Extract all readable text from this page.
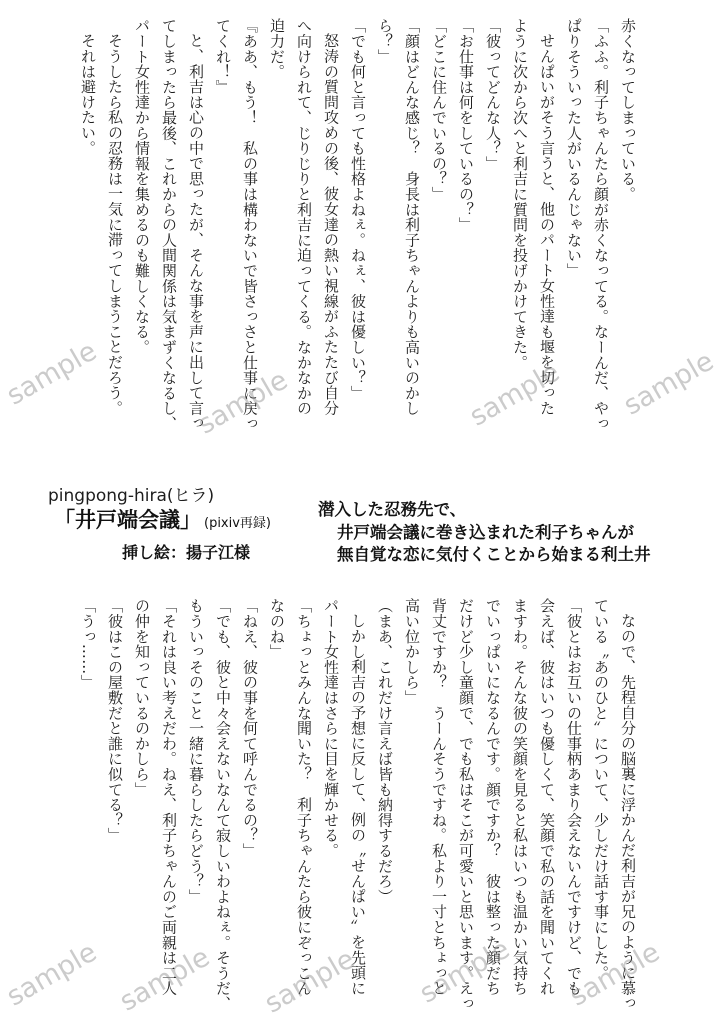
赤くなってしまっている。
「ふふ。利子ちゃんたら顔が赤くなってる。なーんだ、やっ
ぱりそういった人がいるんじゃない」
せんぱいがそう言うと、他のパート女性達も堰を切った
ように次から次へと利吉に質問を投げかけてきた。
「彼ってどんな人？」
「お仕事は何をしているの？」
「どこに住んでいるの？」
「顔はどんな感じ？　身長は利子ちゃんよりも高いのかし
ら？」
「でも何と言っても性格よねぇ。ねぇ、彼は優しい？」
怒涛の質問攻めの後、彼女達の熱い視線がふたたび自分
へ向けられて、じりじりと利吉に迫ってくる。なかなかの
迫力だ。
『ああ、もう！　私の事は構わないで皆さっさと仕事に戻っ
てくれ！』
と、利吉は心の中で思ったが、そんな事を声に出して言っ
てしまったら最後、これからの人間関係は気まずくなるし、
パート女性達から情報を集めるのも難しくなる。
そうしたら私の忍務は一気に滞ってしまうことだろう。
それは避けたい。
pingpong-hira(ヒラ)
「井戸端会議」 (pixiv再録)
挿し絵：揚子江様
潜入した忍務先で、
井戸端会議に巻き込まれた利子ちゃんが
無自覚な恋に気付くことから始まる利土井
なので、先程自分の脳裏に浮かんだ利吉が兄のように慕っ
ている〝あのひと〟について、少しだけ話す事にした。
「彼とはお互いの仕事柄あまり会えないんですけど、でも
会えば、彼はいつも優しくて、笑顔で私の話を聞いてくれ
ますわ。そんな彼の笑顔を見ると私はいつも温かい気持ち
でいっぱいになるんです。顔ですか？　彼は整った顔だち
だけど少し童顔で、でも私はそこが可愛いと思います。えっ
背丈ですか？　うーんそうですね。私より一寸とちょっと
高い位かしら」
（まあ、これだけ言えば皆も納得するだろ）
しかし利吉の予想に反して、例の〝せんぱい〟を先頭に
パート女性達はさらに目を輝かせる。
「ちょっとみんな聞いた？　利子ちゃんたら彼にぞっこん
なのね」
「ねえ、彼の事を何て呼んでるの？」
「でも、彼と中々会えないなんて寂しいわよねぇ。そうだ、
もういっそのこと一緒に暮らしたらどう？」
「それは良い考えだわ。ねえ、利子ちゃんのご両親は二人
の仲を知っているのかしら」
「彼はこの屋敷だと誰に似てる？」
「うっ……」
sample	sample	sample sample
sample sample sample sample sample
